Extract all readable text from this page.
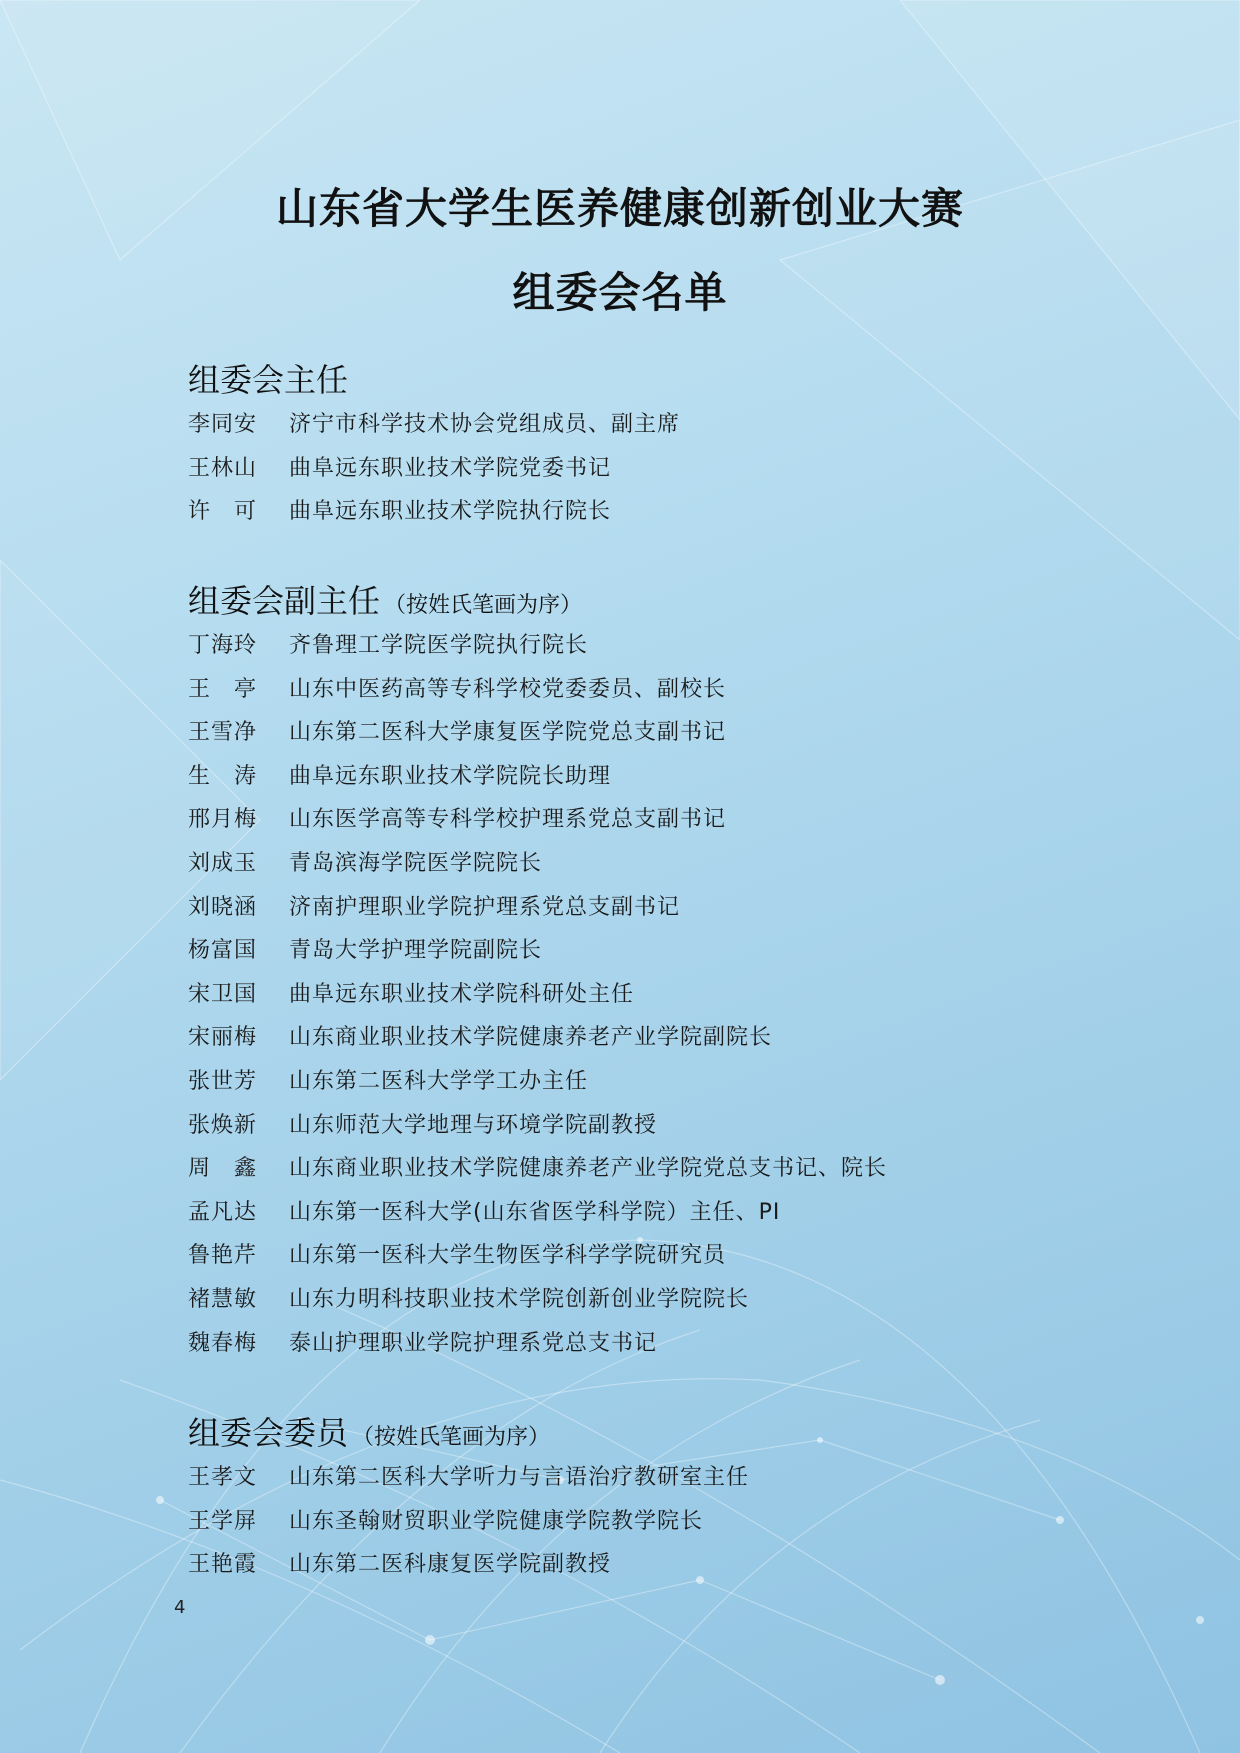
山东省大学生医养健康创新创业大赛
组委会名单
组委会主任
李同安	济宁市科学技术协会党组成员、副主席
王林山	曲阜远东职业技术学院党委书记
许　可	曲阜远东职业技术学院执行院长
组委会副主任 （按姓氏笔画为序）
丁海玲	齐鲁理工学院医学院执行院长
王　亭	山东中医药高等专科学校党委委员、副校长
王雪净	山东第二医科大学康复医学院党总支副书记
生　涛	曲阜远东职业技术学院院长助理
邢月梅	山东医学高等专科学校护理系党总支副书记
刘成玉	青岛滨海学院医学院院长
刘晓涵	济南护理职业学院护理系党总支副书记
杨富国	青岛大学护理学院副院长
宋卫国	曲阜远东职业技术学院科研处主任
宋丽梅	山东商业职业技术学院健康养老产业学院副院长
张世芳	山东第二医科大学学工办主任
张焕新	山东师范大学地理与环境学院副教授
周　鑫	山东商业职业技术学院健康养老产业学院党总支书记、院长
孟凡达	山东第一医科大学(山东省医学科学院）主任、PI
鲁艳芹	山东第一医科大学生物医学科学学院研究员
褚慧敏	山东力明科技职业技术学院创新创业学院院长
魏春梅	泰山护理职业学院护理系党总支书记
组委会委员 （按姓氏笔画为序）
王孝文	山东第二医科大学听力与言语治疗教研室主任
王学屏	山东圣翰财贸职业学院健康学院教学院长
王艳霞	山东第二医科康复医学院副教授
4
